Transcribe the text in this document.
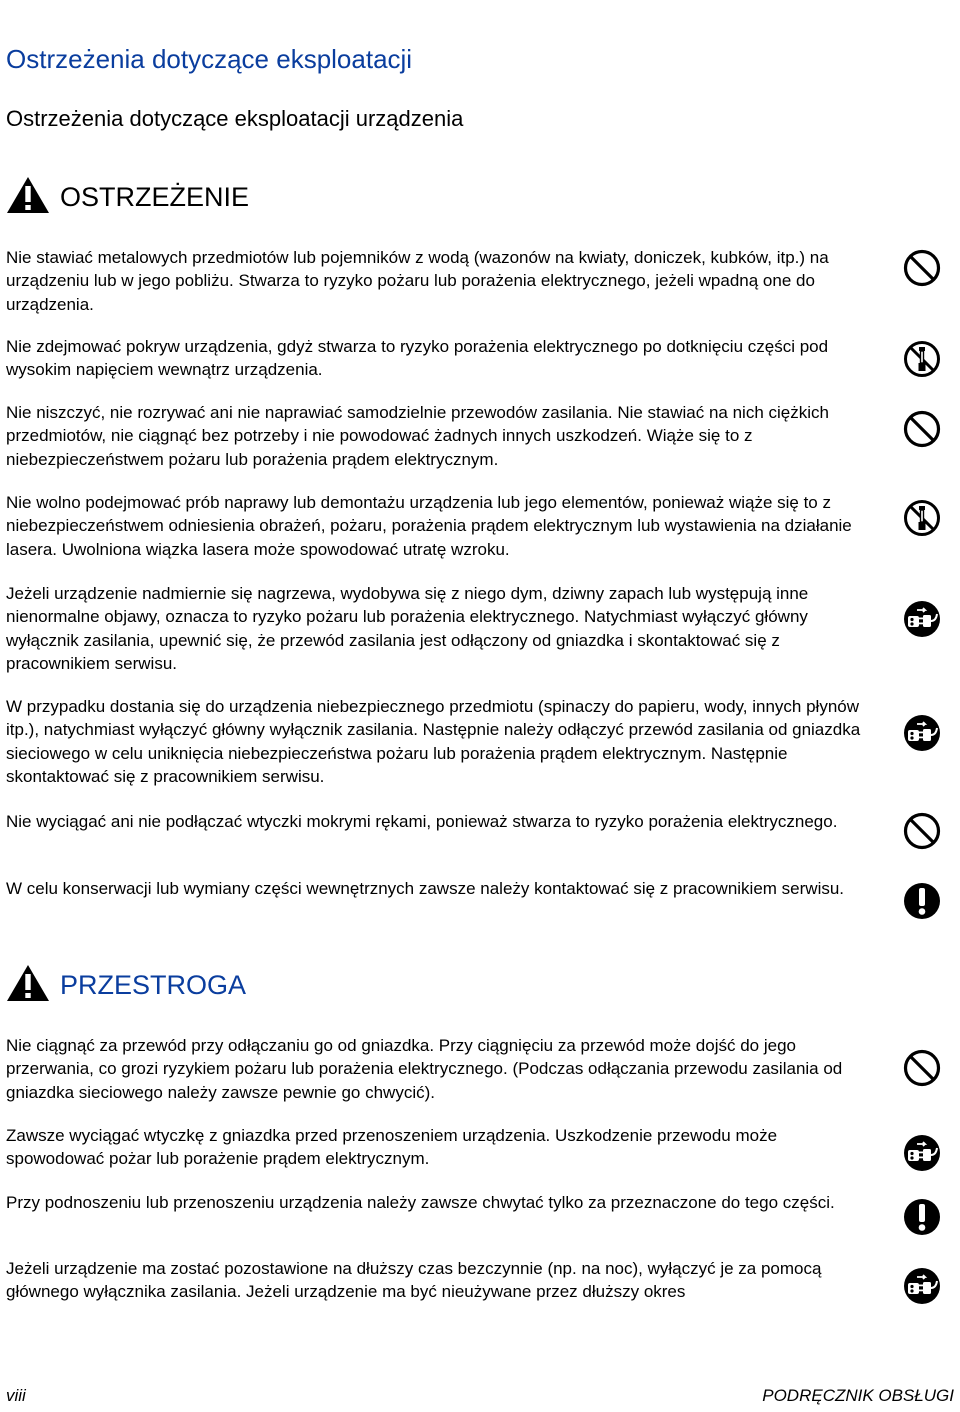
Ostrzeżenia dotyczące eksploatacji
Ostrzeżenia dotyczące eksploatacji urządzenia
OSTRZEŻENIE

Nie stawiać metalowych przedmiotów lub pojemników z wodą (wazonów na kwiaty, doniczek, kubków, itp.) na urządzeniu lub w jego pobliżu. Stwarza to ryzyko pożaru lub porażenia elektrycznego, jeżeli wpadną one do urządzenia.

Nie zdejmować pokryw urządzenia, gdyż stwarza to ryzyko porażenia elektrycznego po dotknięciu części pod wysokim napięciem wewnątrz urządzenia.

Nie niszczyć, nie rozrywać ani nie naprawiać samodzielnie przewodów zasilania. Nie stawiać na nich ciężkich przedmiotów, nie ciągnąć bez potrzeby i nie powodować żadnych innych uszkodzeń. Wiąże się to z niebezpieczeństwem pożaru lub porażenia prądem elektrycznym.

Nie wolno podejmować prób naprawy lub demontażu urządzenia lub jego elementów, ponieważ wiąże się to z niebezpieczeństwem odniesienia obrażeń, pożaru, porażenia prądem elektrycznym lub wystawienia na działanie lasera. Uwolniona wiązka lasera może spowodować utratę wzroku.

Jeżeli urządzenie nadmiernie się nagrzewa, wydobywa się z niego dym, dziwny zapach lub występują inne nienormalne objawy, oznacza to ryzyko pożaru lub porażenia elektrycznego. Natychmiast wyłączyć główny wyłącznik zasilania, upewnić się, że przewód zasilania jest odłączony od gniazdka i skontaktować się z pracownikiem serwisu.

W przypadku dostania się do urządzenia niebezpiecznego przedmiotu (spinaczy do papieru, wody, innych płynów itp.), natychmiast wyłączyć główny wyłącznik zasilania. Następnie należy odłączyć przewód zasilania od gniazdka sieciowego w celu uniknięcia niebezpieczeństwa pożaru lub porażenia prądem elektrycznym. Następnie skontaktować się z pracownikiem serwisu.

Nie wyciągać ani nie podłączać wtyczki mokrymi rękami, ponieważ stwarza to ryzyko porażenia elektrycznego.

W celu konserwacji lub wymiany części wewnętrznych zawsze należy kontaktować się z pracownikiem serwisu.

PRZESTROGA

Nie ciągnąć za przewód przy odłączaniu go od gniazdka. Przy ciągnięciu za przewód może dojść do jego przerwania, co grozi ryzykiem pożaru lub porażenia elektrycznego. (Podczas odłączania przewodu zasilania od gniazdka sieciowego należy zawsze pewnie go chwycić).

Zawsze wyciągać wtyczkę z gniazdka przed przenoszeniem urządzenia. Uszkodzenie przewodu może spowodować pożar lub porażenie prądem elektrycznym.

Przy podnoszeniu lub przenoszeniu urządzenia należy zawsze chwytać tylko za przeznaczone do tego części.

Jeżeli urządzenie ma zostać pozostawione na dłuższy czas bezczynnie (np. na noc), wyłączyć je za pomocą głównego wyłącznika zasilania. Jeżeli urządzenie ma być nieużywane przez dłuższy okres

viii	PODRĘCZNIK OBSŁUGI
